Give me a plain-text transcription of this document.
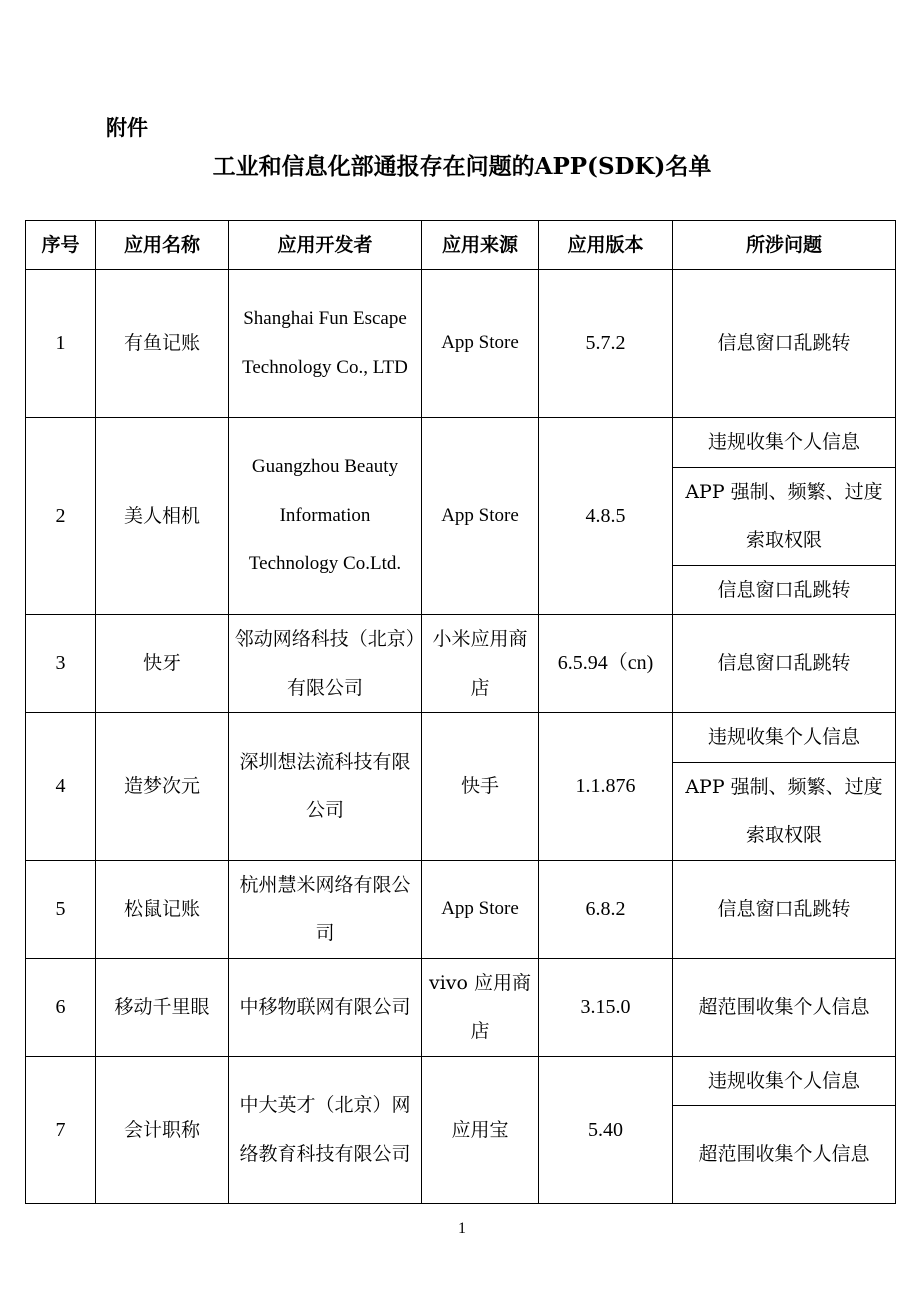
附件
工业和信息化部通报存在问题的APP(SDK)名单
序号	应用名称	应用开发者	应用来源	应用版本	所涉问题
1	有鱼记账	Shanghai Fun Escape Technology Co., LTD	App Store	5.7.2	信息窗口乱跳转
2	美人相机	Guangzhou Beauty Information Technology Co.Ltd.	App Store	4.8.5	违规收集个人信息
					APP 强制、频繁、过度索取权限
					信息窗口乱跳转
3	快牙	邻动网络科技（北京）有限公司	小米应用商店	6.5.94（cn)	信息窗口乱跳转
4	造梦次元	深圳想法流科技有限公司	快手	1.1.876	违规收集个人信息
					APP 强制、频繁、过度索取权限
5	松鼠记账	杭州慧米网络有限公司	App Store	6.8.2	信息窗口乱跳转
6	移动千里眼	中移物联网有限公司	vivo 应用商店	3.15.0	超范围收集个人信息
7	会计职称	中大英才（北京）网络教育科技有限公司	应用宝	5.40	违规收集个人信息
					超范围收集个人信息
1
